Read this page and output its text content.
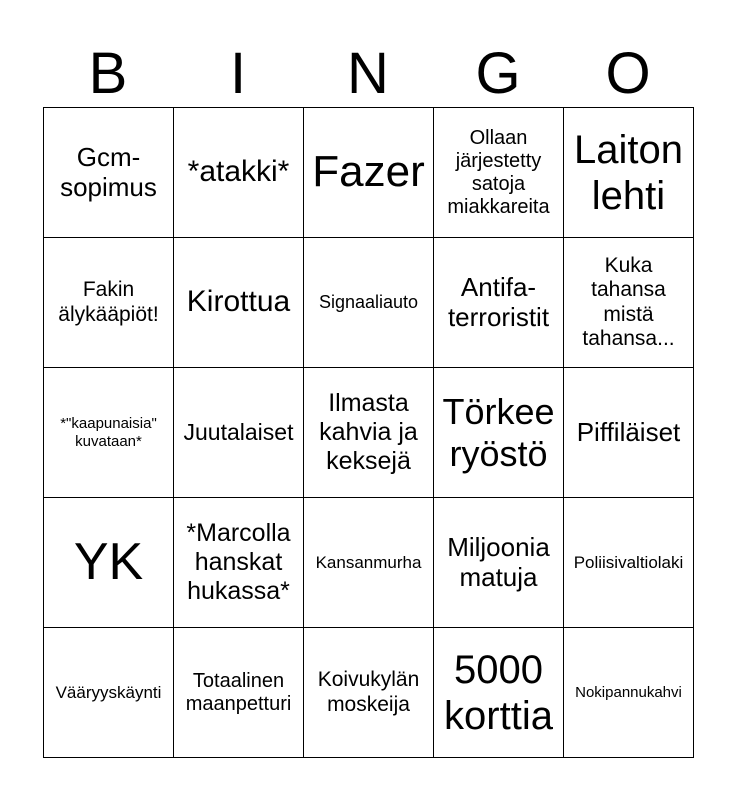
B	I	N	G	O
Gcm-sopimus	*atakki*	Fazer	Ollaan järjestetty satoja miakkareita	Laiton lehti
Fakin älykääpiöt!	Kirottua	Signaaliauto	Antifa-terroristit	Kuka tahansa mistä tahansa...
*"kaapunaisia" kuvataan*	Juutalaiset	Ilmasta kahvia ja keksejä	Törkee ryöstö	Piffiläiset
YK	*Marcolla hanskat hukassa*	Kansanmurha	Miljoonia matuja	Poliisivaltiolaki
Vääryyskäynti	Totaalinen maanpetturi	Koivukylän moskeija	5000 korttia	Nokipannukahvi
